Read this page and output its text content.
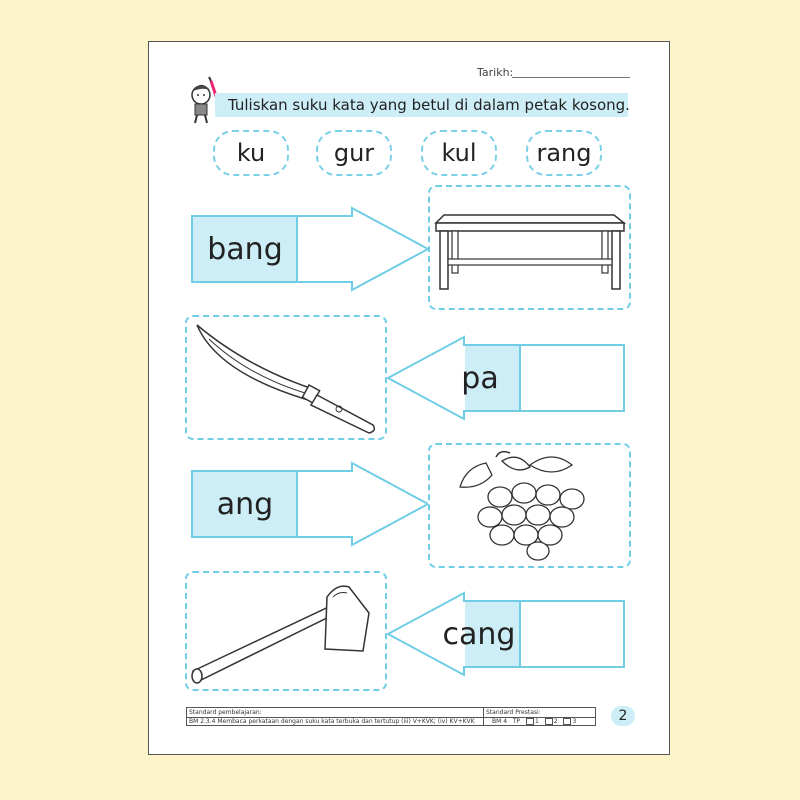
Tarikh:
Tuliskan suku kata yang betul di dalam petak kosong.
ku	gur	kul	rang
bang
pa
ang
cang
Standard pembelajaran:	Standard Prestasi:
BM 2.3.4 Membaca perkataan dengan suku kata terbuka dan tertutup (iii) V+KVK; (iv) KV+KVK	BM 4 TP 1 2 3	2
